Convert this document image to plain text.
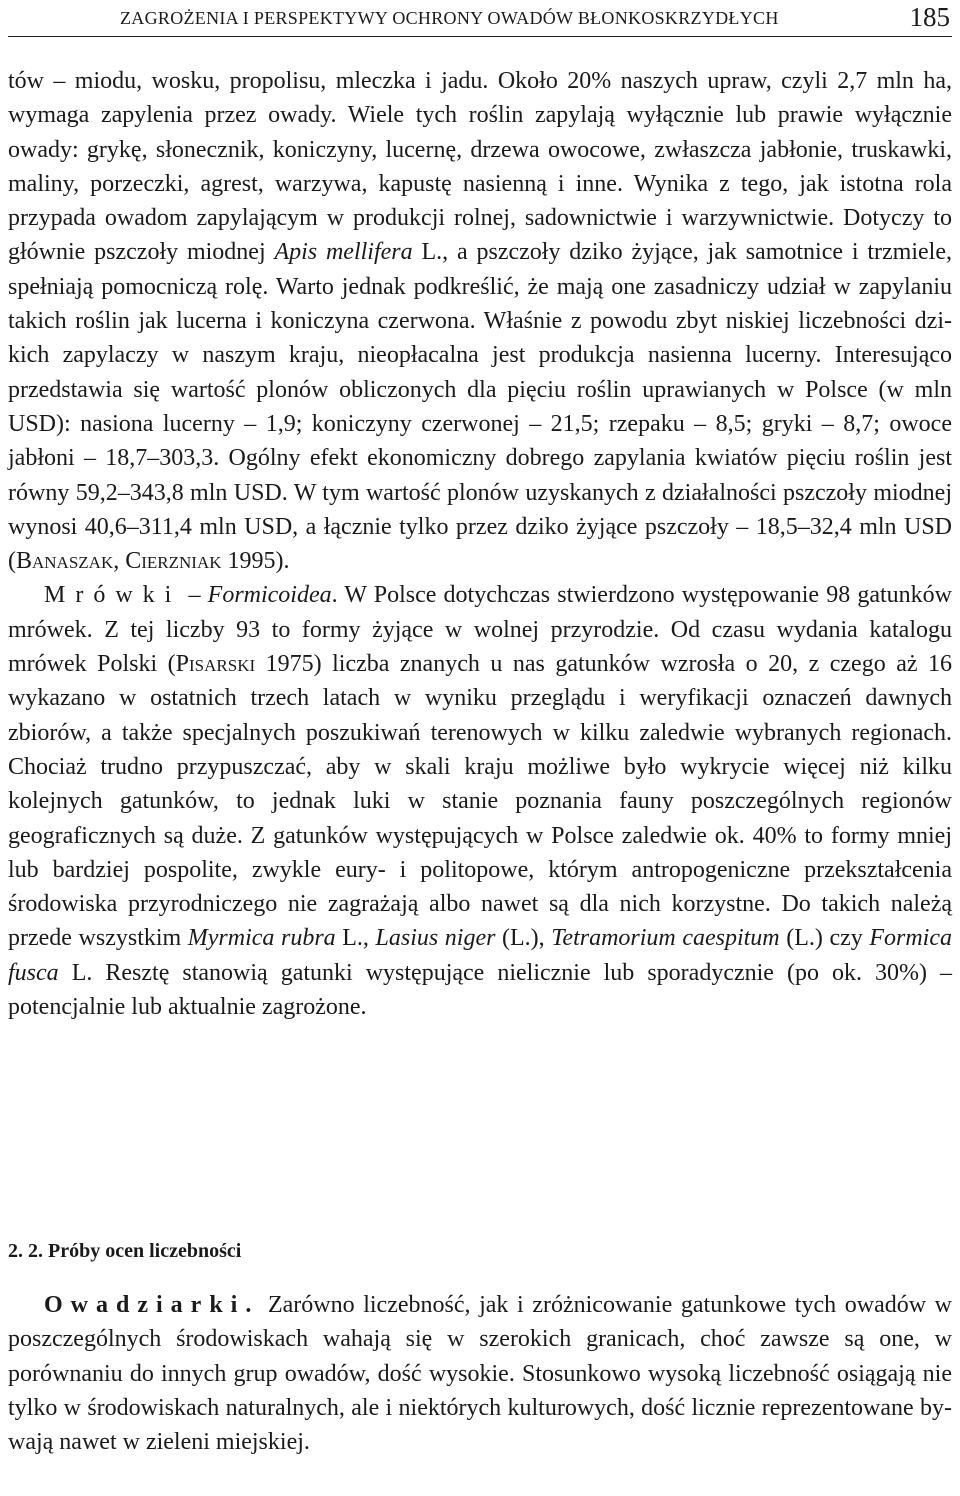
ZAGROŻENIA I PERSPEKTYWY OCHRONY OWADÓW BŁONKOSKRZYDŁYCH	185

tów – miodu, wosku, propolisu, mleczka i jadu. Około 20% naszych upraw, czyli 2,7 mln ha, wymaga zapylenia przez owady. Wiele tych roślin zapylają wyłącznie lub prawie wyłącznie owady: grykę, słonecznik, koniczyny, lucernę, drzewa owocowe, zwłaszcza jabłonie, truskawki, maliny, porzeczki, agrest, warzywa, kapustę nasienną i inne. Wynika z tego, jak istotna rola przypada owadom zapylającym w produkcji rolnej, sadownictwie i warzywnictwie. Dotyczy to głównie pszczoły miodnej Apis mellifera L., a pszczoły dziko żyjące, jak samotnice i trzmiele, spełniają pomocniczą rolę. Warto jednak podkreślić, że mają one zasadniczy udział w zapylaniu takich roślin jak lucerna i koniczyna czerwona. Właśnie z powodu zbyt niskiej liczebności dzikich zapylaczy w naszym kraju, nieopłacalna jest produkcja nasienna lucerny. Interesująco przedstawia się wartość plonów obliczonych dla pięciu roślin uprawianych w Polsce (w mln USD): nasiona lucerny – 1,9; koniczyny czerwonej – 21,5; rzepaku – 8,5; gryki – 8,7; owoce jabłoni – 18,7–303,3. Ogólny efekt ekonomiczny dobrego zapylania kwiatów pięciu roślin jest równy 59,2–343,8 mln USD. W tym wartość plonów uzyskanych z działalności pszczoły miodnej wynosi 40,6–311,4 mln USD, a łącznie tylko przez dziko żyjące pszczoły – 18,5–32,4 mln USD (Banaszak, Cierzniak 1995).

Mrówki – Formicoidea. W Polsce dotychczas stwierdzono występowanie 98 gatunków mrówek. Z tej liczby 93 to formy żyjące w wolnej przyrodzie. Od czasu wydania katalogu mrówek Polski (Pisarski 1975) liczba znanych u nas gatunków wzrosła o 20, z czego aż 16 wykazano w ostatnich trzech latach w wyniku przeglądu i weryfikacji oznaczeń dawnych zbiorów, a także specjalnych poszukiwań terenowych w kilku zaledwie wybranych regionach. Chociaż trudno przypuszczać, aby w skali kraju możliwe było wykrycie więcej niż kilku kolejnych gatunków, to jednak luki w stanie poznania fauny poszczególnych regionów geograficznych są duże. Z gatunków występujących w Polsce zaledwie ok. 40% to formy mniej lub bardziej pospolite, zwykle eury- i politopowe, którym antropogeniczne przekształcenia środowiska przyrodniczego nie zagrażają albo nawet są dla nich korzystne. Do takich należą przede wszystkim Myrmica rubra L., Lasius niger (L.), Tetramorium caespitum (L.) czy Formica fusca L. Resztę stanowią gatunki występujące nielicznie lub sporadycznie (po ok. 30%) – potencjalnie lub aktualnie zagrożone.

2. 2. Próby ocen liczebności

Owadziarki. Zarówno liczebność, jak i zróżnicowanie gatunkowe tych owadów w poszczególnych środowiskach wahają się w szerokich granicach, choć zawsze są one, w porównaniu do innych grup owadów, dość wysokie. Stosunkowo wysoką liczebność osiągają nie tylko w środowiskach naturalnych, ale i niektórych kulturowych, dość licznie reprezentowane bywają nawet w zieleni miejskiej.
